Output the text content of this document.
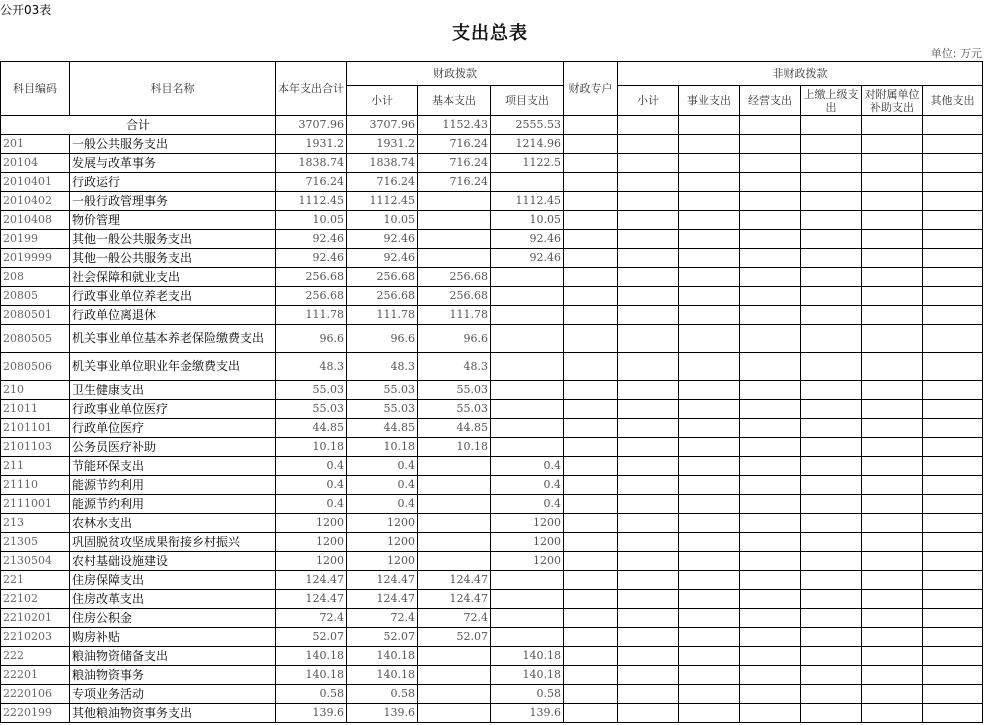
公开03表
支出总表
单位: 万元
科目编码	科目名称	本年支出合计	财政拨款			财政专户	非财政拨款					
			小计	基本支出	项目支出		小计	事业支出	经营支出	上缴上级支出	对附属单位补助支出	其他支出
合计		3707.96	3707.96	1152.43	2555.53							
201	一般公共服务支出	1931.2	1931.2	716.24	1214.96							
20104	发展与改革事务	1838.74	1838.74	716.24	1122.5							
2010401	行政运行	716.24	716.24	716.24								
2010402	一般行政管理事务	1112.45	1112.45		1112.45							
2010408	物价管理	10.05	10.05		10.05							
20199	其他一般公共服务支出	92.46	92.46		92.46							
2019999	其他一般公共服务支出	92.46	92.46		92.46							
208	社会保障和就业支出	256.68	256.68	256.68								
20805	行政事业单位养老支出	256.68	256.68	256.68								
2080501	行政单位离退休	111.78	111.78	111.78								
2080505	机关事业单位基本养老保险缴费支出	96.6	96.6	96.6								
2080506	机关事业单位职业年金缴费支出	48.3	48.3	48.3								
210	卫生健康支出	55.03	55.03	55.03								
21011	行政事业单位医疗	55.03	55.03	55.03								
2101101	行政单位医疗	44.85	44.85	44.85								
2101103	公务员医疗补助	10.18	10.18	10.18								
211	节能环保支出	0.4	0.4		0.4							
21110	能源节约利用	0.4	0.4		0.4							
2111001	能源节约利用	0.4	0.4		0.4							
213	农林水支出	1200	1200		1200							
21305	巩固脱贫攻坚成果衔接乡村振兴	1200	1200		1200							
2130504	农村基础设施建设	1200	1200		1200							
221	住房保障支出	124.47	124.47	124.47								
22102	住房改革支出	124.47	124.47	124.47								
2210201	住房公积金	72.4	72.4	72.4								
2210203	购房补贴	52.07	52.07	52.07								
222	粮油物资储备支出	140.18	140.18		140.18							
22201	粮油物资事务	140.18	140.18		140.18							
2220106	专项业务活动	0.58	0.58		0.58							
2220199	其他粮油物资事务支出	139.6	139.6		139.6							
